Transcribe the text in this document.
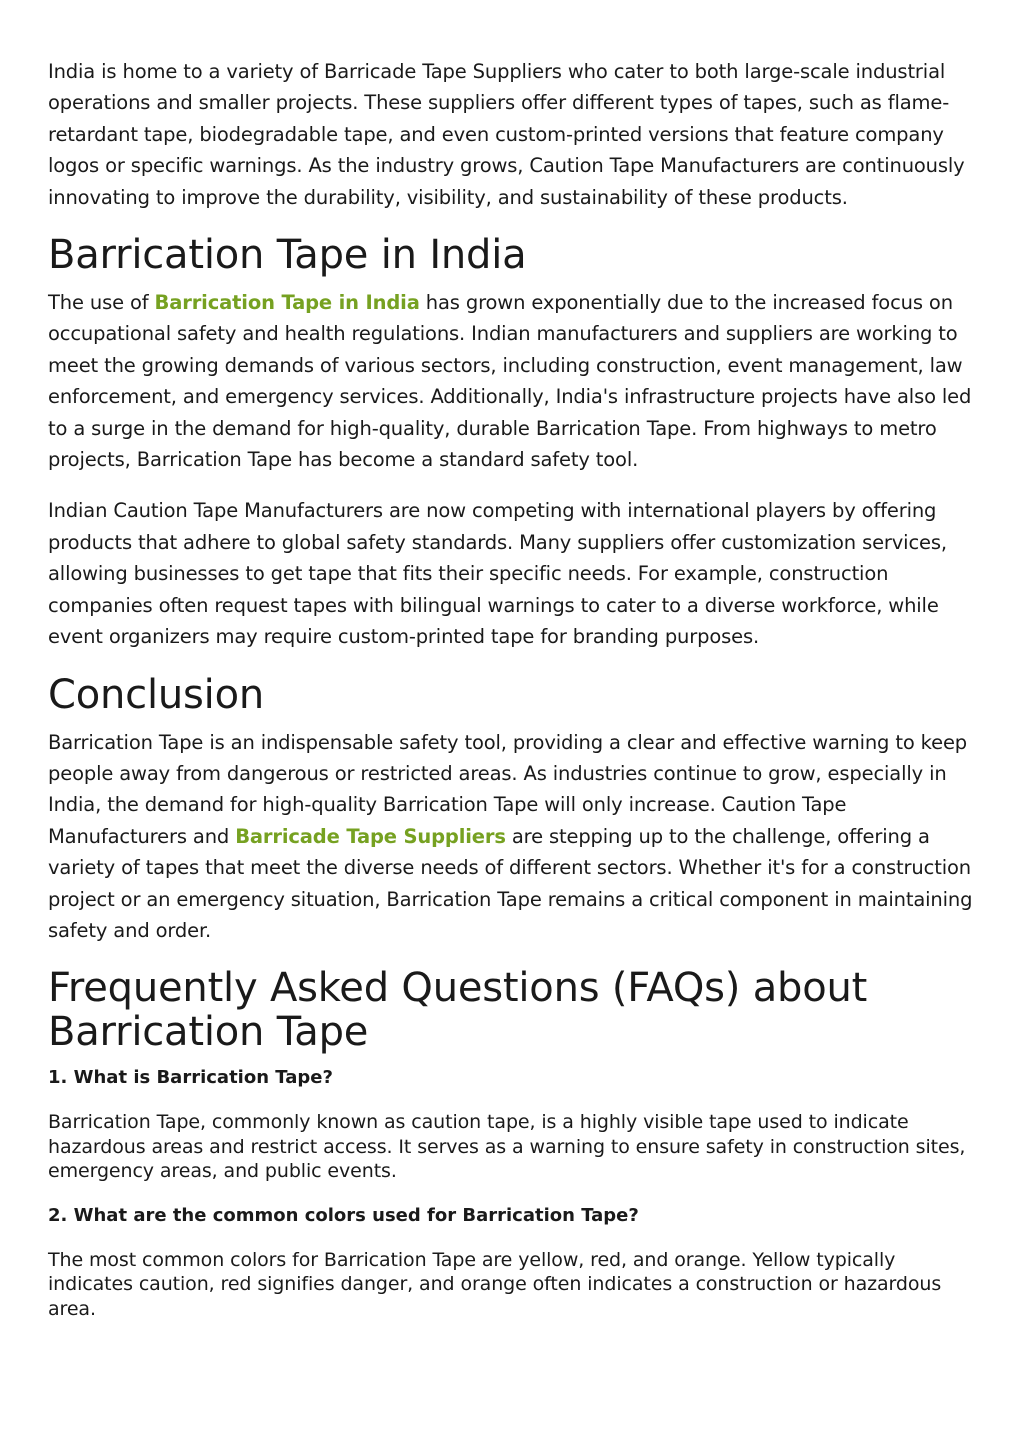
India is home to a variety of Barricade Tape Suppliers who cater to both large-scale industrial operations and smaller projects. These suppliers offer different types of tapes, such as flame-retardant tape, biodegradable tape, and even custom-printed versions that feature company logos or specific warnings. As the industry grows, Caution Tape Manufacturers are continuously innovating to improve the durability, visibility, and sustainability of these products.

Barrication Tape in India

The use of Barrication Tape in India has grown exponentially due to the increased focus on occupational safety and health regulations. Indian manufacturers and suppliers are working to meet the growing demands of various sectors, including construction, event management, law enforcement, and emergency services. Additionally, India's infrastructure projects have also led to a surge in the demand for high-quality, durable Barrication Tape. From highways to metro projects, Barrication Tape has become a standard safety tool.

Indian Caution Tape Manufacturers are now competing with international players by offering products that adhere to global safety standards. Many suppliers offer customization services, allowing businesses to get tape that fits their specific needs. For example, construction companies often request tapes with bilingual warnings to cater to a diverse workforce, while event organizers may require custom-printed tape for branding purposes.

Conclusion

Barrication Tape is an indispensable safety tool, providing a clear and effective warning to keep people away from dangerous or restricted areas. As industries continue to grow, especially in India, the demand for high-quality Barrication Tape will only increase. Caution Tape Manufacturers and Barricade Tape Suppliers are stepping up to the challenge, offering a variety of tapes that meet the diverse needs of different sectors. Whether it's for a construction project or an emergency situation, Barrication Tape remains a critical component in maintaining safety and order.

Frequently Asked Questions (FAQs) about Barrication Tape

1. What is Barrication Tape?

Barrication Tape, commonly known as caution tape, is a highly visible tape used to indicate hazardous areas and restrict access. It serves as a warning to ensure safety in construction sites, emergency areas, and public events.

2. What are the common colors used for Barrication Tape?

The most common colors for Barrication Tape are yellow, red, and orange. Yellow typically indicates caution, red signifies danger, and orange often indicates a construction or hazardous area.
